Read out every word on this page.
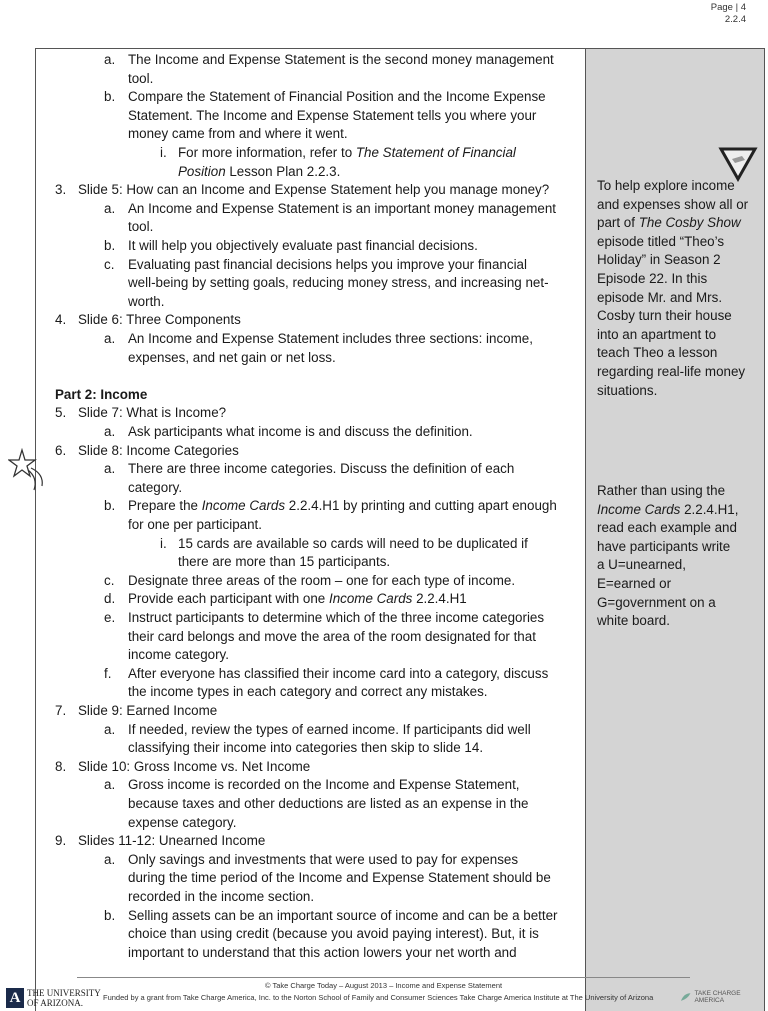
Page | 4
2.2.4
a. The Income and Expense Statement is the second money management
tool.
b. Compare the Statement of Financial Position and the Income Expense
Statement. The Income and Expense Statement tells you where your
money came from and where it went.
i. For more information, refer to The Statement of Financial
Position Lesson Plan 2.2.3.
3. Slide 5: How can an Income and Expense Statement help you manage money?
a. An Income and Expense Statement is an important money management
tool.
b. It will help you objectively evaluate past financial decisions.
c. Evaluating past financial decisions helps you improve your financial
well-being by setting goals, reducing money stress, and increasing net-
worth.
4. Slide 6: Three Components
a. An Income and Expense Statement includes three sections: income,
expenses, and net gain or net loss.
Part 2: Income
5. Slide 7: What is Income?
a. Ask participants what income is and discuss the definition.
6. Slide 8: Income Categories
a. There are three income categories. Discuss the definition of each
category.
b. Prepare the Income Cards 2.2.4.H1 by printing and cutting apart enough
for one per participant.
i. 15 cards are available so cards will need to be duplicated if
there are more than 15 participants.
c. Designate three areas of the room – one for each type of income.
d. Provide each participant with one Income Cards 2.2.4.H1
e. Instruct participants to determine which of the three income categories
their card belongs and move the area of the room designated for that
income category.
f. After everyone has classified their income card into a category, discuss
the income types in each category and correct any mistakes.
7. Slide 9: Earned Income
a. If needed, review the types of earned income. If participants did well
classifying their income into categories then skip to slide 14.
8. Slide 10: Gross Income vs. Net Income
a. Gross income is recorded on the Income and Expense Statement,
because taxes and other deductions are listed as an expense in the
expense category.
9. Slides 11-12: Unearned Income
a. Only savings and investments that were used to pay for expenses
during the time period of the Income and Expense Statement should be
recorded in the income section.
b. Selling assets can be an important source of income and can be a better
choice than using credit (because you avoid paying interest). But, it is
important to understand that this action lowers your net worth and
To help explore income
and expenses show all or
part of The Cosby Show
episode titled “Theo’s
Holiday” in Season 2
Episode 22. In this
episode Mr. and Mrs.
Cosby turn their house
into an apartment to
teach Theo a lesson
regarding real-life money
situations.
Rather than using the
Income Cards 2.2.4.H1,
read each example and
have participants write
a U=unearned,
E=earned or
G=government on a
white board.
© Take Charge Today – August 2013 – Income and Expense Statement
Funded by a grant from Take Charge America, Inc. to the Norton School of Family and Consumer Sciences Take Charge America Institute at The University of Arizona
A THE UNIVERSITY
OF ARIZONA.
TAKE CHARGE AMERICA
